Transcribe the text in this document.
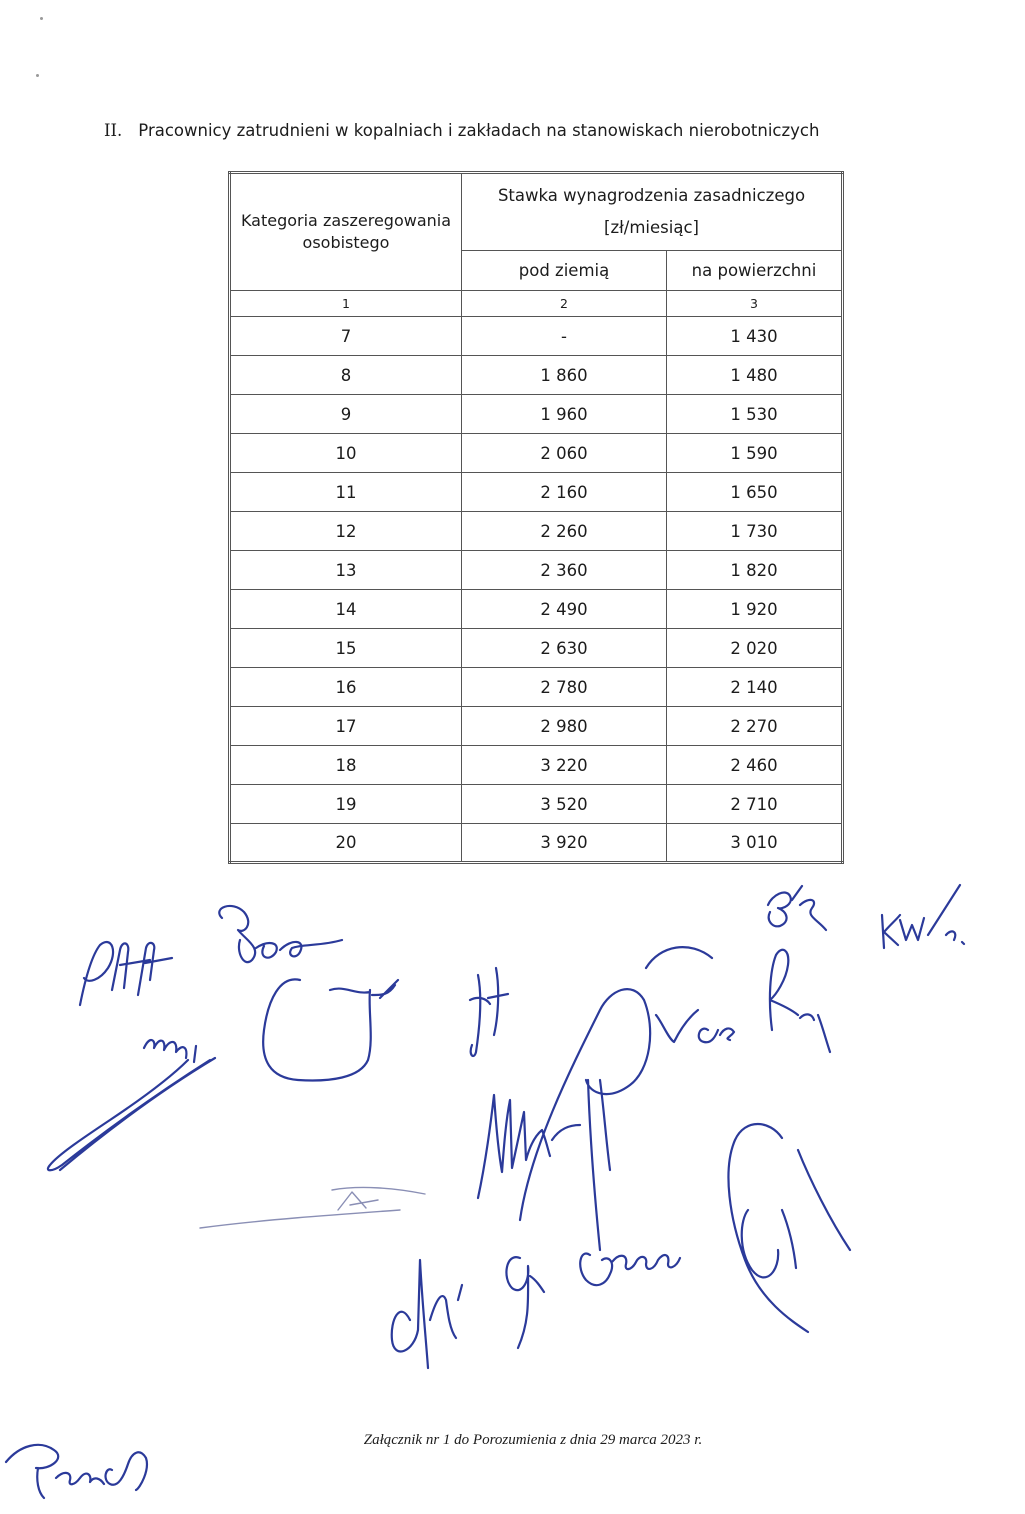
II. Pracownicy zatrudnieni w kopalniach i zakładach na stanowiskach nierobotniczych
Kategoria zaszeregowania osobistego	Stawka wynagrodzenia zasadniczego
[zł/miesiąc]	

	pod ziemią	na powierzchni
1	2	3
7	-	1 430
8	1 860	1 480
9	1 960	1 530
10	2 060	1 590
11	2 160	1 650
12	2 260	1 730
13	2 360	1 820
14	2 490	1 920
15	2 630	2 020
16	2 780	2 140
17	2 980	2 270
18	3 220	2 460
19	3 520	2 710
20	3 920	3 010
Załącznik nr 1 do Porozumienia z dnia 29 marca 2023 r.
